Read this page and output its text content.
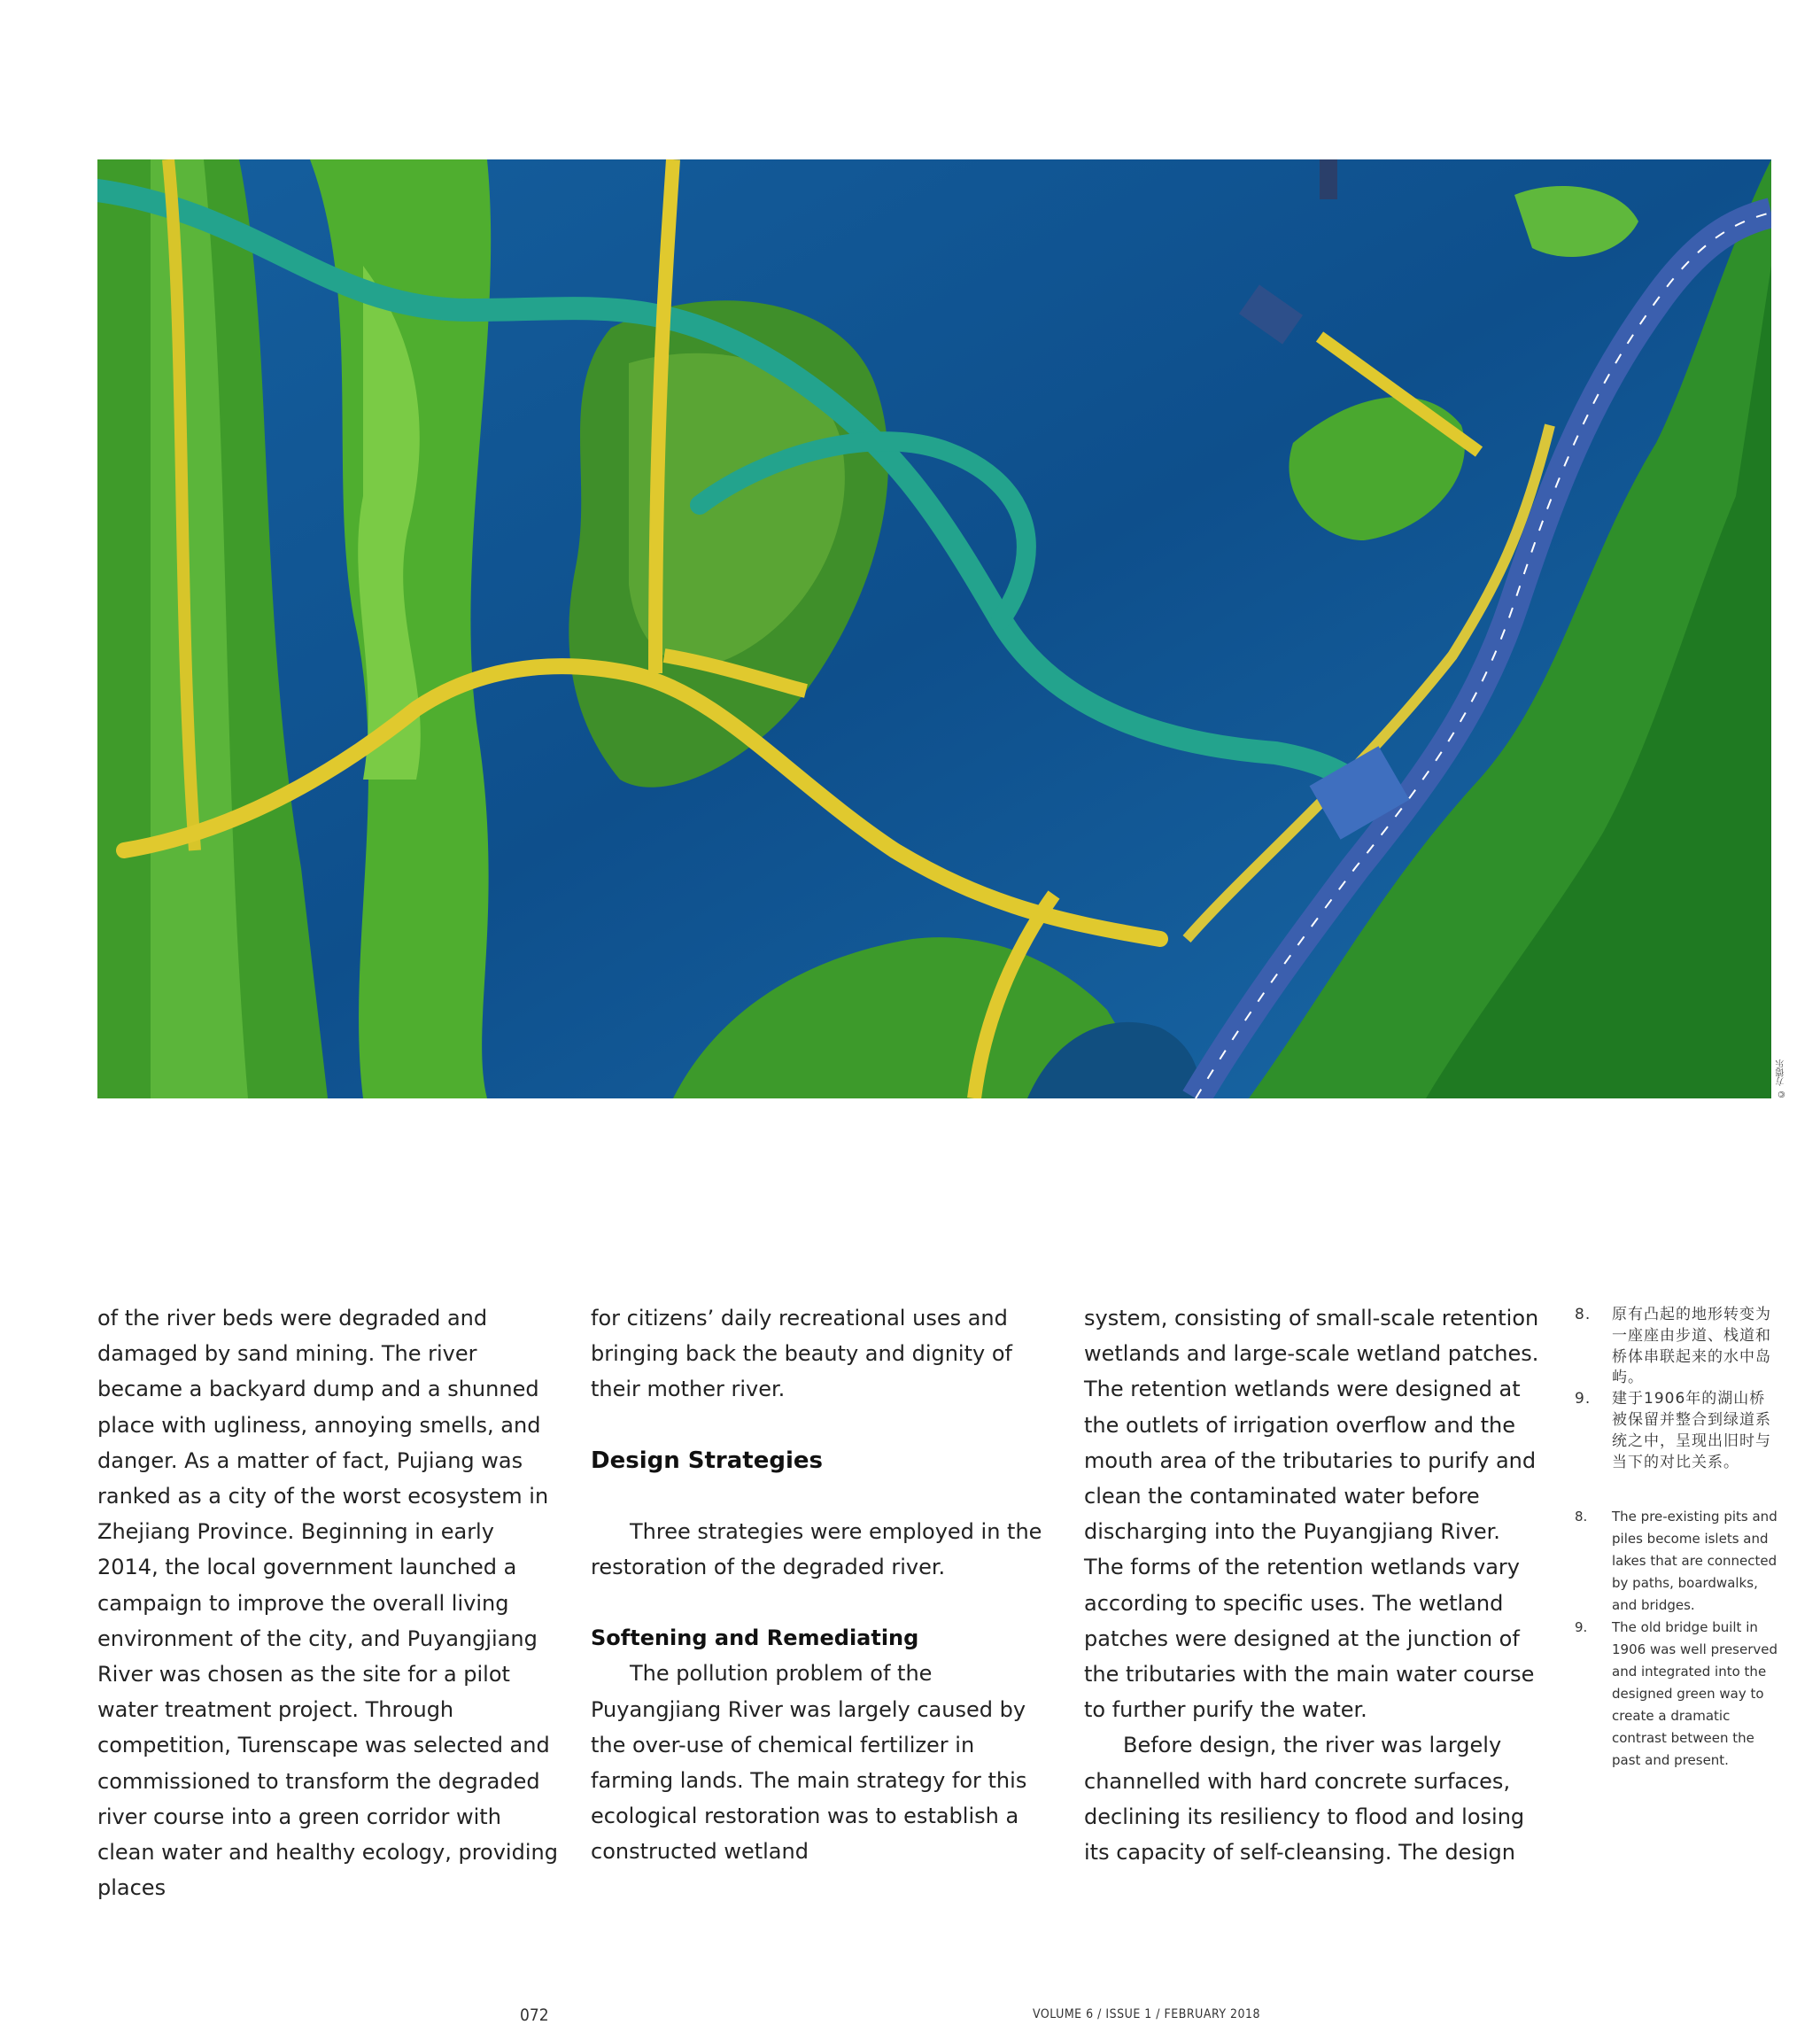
© 方德乐

of the river beds were degraded and damaged by sand mining. The river became a backyard dump and a shunned place with ugliness, annoying smells, and danger. As a matter of fact, Pujiang was ranked as a city of the worst ecosystem in Zhejiang Province. Beginning in early 2014, the local government launched a campaign to improve the overall living environment of the city, and Puyangjiang River was chosen as the site for a pilot water treatment project. Through competition, Turenscape was selected and commissioned to transform the degraded river course into a green corridor with clean water and healthy ecology, providing places

for citizens’ daily recreational uses and bringing back the beauty and dignity of their mother river.

Design Strategies

Three strategies were employed in the restoration of the degraded river.

Softening and Remediating

The pollution problem of the Puyangjiang River was largely caused by the over-use of chemical fertilizer in farming lands. The main strategy for this ecological restoration was to establish a constructed wetland

system, consisting of small-scale retention wetlands and large-scale wetland patches. The retention wetlands were designed at the outlets of irrigation overflow and the mouth area of the tributaries to purify and clean the contaminated water before discharging into the Puyangjiang River. The forms of the retention wetlands vary according to specific uses. The wetland patches were designed at the junction of the tributaries with the main water course to further purify the water.

Before design, the river was largely channelled with hard concrete surfaces, declining its resiliency to flood and losing its capacity of self-cleansing. The design

8. 原有凸起的地形转变为一座座由步道、栈道和桥体串联起来的水中岛屿。
9. 建于1906年的湖山桥被保留并整合到绿道系统之中，呈现出旧时与当下的对比关系。
8. The pre-existing pits and piles become islets and lakes that are connected by paths, boardwalks, and bridges.
9. The old bridge built in 1906 was well preserved and integrated into the designed green way to create a dramatic contrast between the past and present.
072	VOLUME 6 / ISSUE 1 / FEBRUARY 2018
